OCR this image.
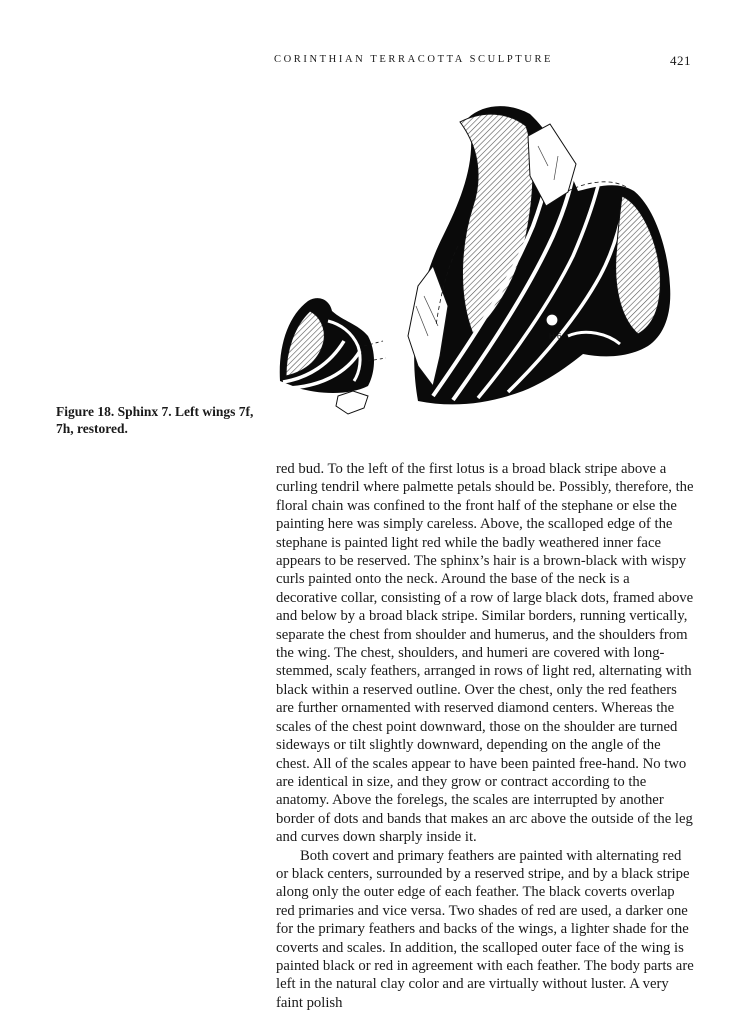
CORINTHIAN TERRACOTTA SCULPTURE	421
H 6
Figure 18. Sphinx 7. Left wings 7f, 7h, restored.

red bud. To the left of the first lotus is a broad black stripe above a curling tendril where palmette petals should be. Possibly, therefore, the floral chain was confined to the front half of the stephane or else the painting here was simply careless. Above, the scalloped edge of the stephane is painted light red while the badly weathered inner face appears to be reserved. The sphinx’s hair is a brown-black with wispy curls painted onto the neck. Around the base of the neck is a decorative collar, consisting of a row of large black dots, framed above and below by a broad black stripe. Similar borders, running vertically, separate the chest from shoulder and humerus, and the shoulders from the wing. The chest, shoulders, and humeri are covered with long-stemmed, scaly feathers, arranged in rows of light red, alternating with black within a reserved outline. Over the chest, only the red feathers are further ornamented with reserved diamond centers. Whereas the scales of the chest point downward, those on the shoulder are turned sideways or tilt slightly downward, depending on the angle of the chest. All of the scales appear to have been painted free-hand. No two are identical in size, and they grow or contract according to the anatomy. Above the forelegs, the scales are interrupted by another border of dots and bands that makes an arc above the outside of the leg and curves down sharply inside it.

Both covert and primary feathers are painted with alternating red or black centers, surrounded by a reserved stripe, and by a black stripe along only the outer edge of each feather. The black coverts overlap red primaries and vice versa. Two shades of red are used, a darker one for the primary feathers and backs of the wings, a lighter shade for the coverts and scales. In addition, the scalloped outer face of the wing is painted black or red in agreement with each feather. The body parts are left in the natural clay color and are virtually without luster. A very faint polish
